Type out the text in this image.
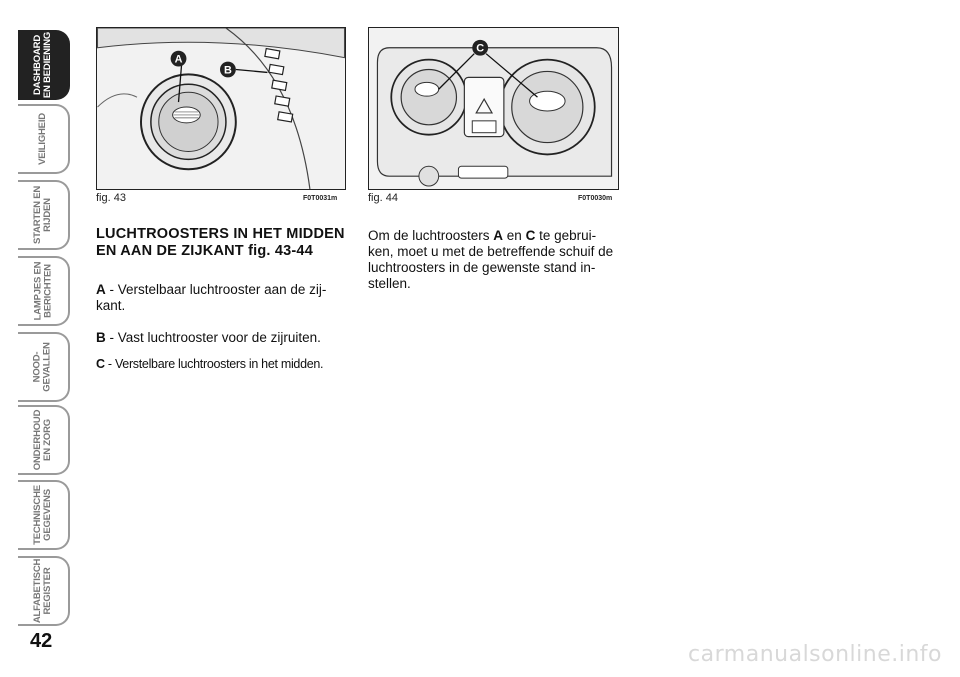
DASHBOARD
EN BEDIENING
VEILIGHEID
STARTEN EN
RIJDEN
LAMPJES EN
BERICHTEN
NOOD-
GEVALLEN
ONDERHOUD
EN ZORG
TECHNISCHE
GEGEVENS
ALFABETISCH
REGISTER
42
A
B
fig. 43	F0T0031m
C
fig. 44	F0T0030m
LUCHTROOSTERS IN HET MIDDEN EN AAN DE ZIJKANT fig. 43-44
A - Verstelbaar luchtrooster aan de zij-kant.
B - Vast luchtrooster voor de zijruiten.
C - Verstelbare luchtroosters in het midden.
Om de luchtroosters A en C te gebrui-ken, moet u met de betreffende schuif de luchtroosters in de gewenste stand in-stellen.
carmanualsonline.info
